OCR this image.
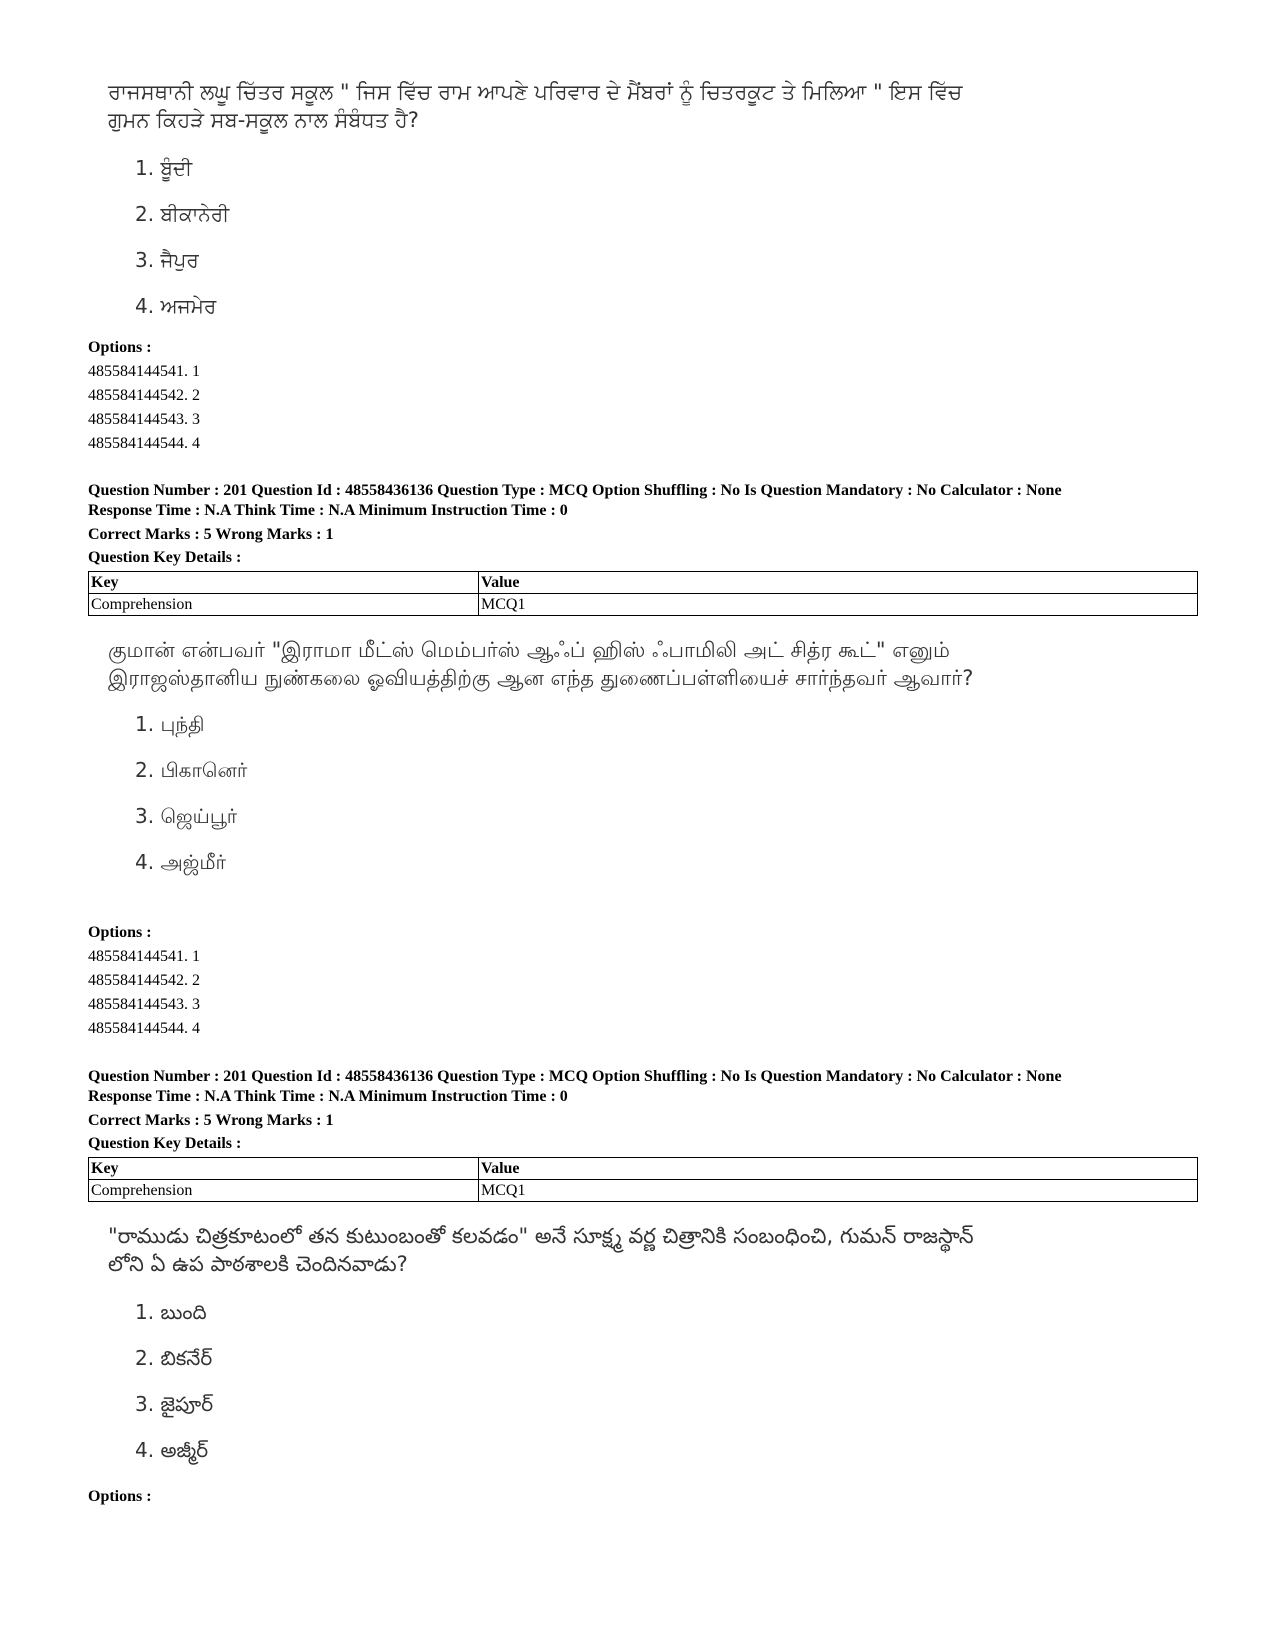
ਰਾਜਸਥਾਨੀ ਲਘੂ ਚਿੱਤਰ ਸਕੂਲ " ਜਿਸ ਵਿੱਚ ਰਾਮ ਆਪਣੇ ਪਰਿਵਾਰ ਦੇ ਮੈਂਬਰਾਂ ਨੂੰ ਚਿਤਰਕੂਟ ਤੇ ਮਿਲਿਆ " ਇਸ ਵਿੱਚ ਗੁਮਨ ਕਿਹੜੇ ਸਬ-ਸਕੂਲ ਨਾਲ ਸੰਬੰਧਤ ਹੈ?
1. ਬੂੰਦੀ
2. ਬੀਕਾਨੇਰੀ
3. ਜੈਪੁਰ
4. ਅਜਮੇਰ
Options :
485584144541. 1
485584144542. 2
485584144543. 3
485584144544. 4
Question Number : 201 Question Id : 48558436136 Question Type : MCQ Option Shuffling : No Is Question Mandatory : No Calculator : None
Response Time : N.A Think Time : N.A Minimum Instruction Time : 0
Correct Marks : 5 Wrong Marks : 1
Question Key Details :
Key	Value
Comprehension	MCQ1
குமான் என்பவர் "இராமா மீட்ஸ் மெம்பர்ஸ் ஆஃப் ஹிஸ் ஃபாமிலி அட் சித்ர கூட்" எனும் இராஜஸ்தானிய நுண்கலை ஓவியத்திற்கு ஆன எந்த துணைப்பள்ளியைச் சார்ந்தவர் ஆவார்?
1. புந்தி
2. பிகானெர்
3. ஜெய்பூர்
4. அஜ்மீர்
Options :
485584144541. 1
485584144542. 2
485584144543. 3
485584144544. 4
Question Number : 201 Question Id : 48558436136 Question Type : MCQ Option Shuffling : No Is Question Mandatory : No Calculator : None
Response Time : N.A Think Time : N.A Minimum Instruction Time : 0
Correct Marks : 5 Wrong Marks : 1
Question Key Details :
Key	Value
Comprehension	MCQ1
"రాముడు చిత్రకూటంలో తన కుటుంబంతో కలవడం" అనే సూక్ష్మ వర్ణ చిత్రానికి సంబంధించి, గుమన్ రాజస్థాన్ లోని ఏ ఉప పాఠశాలకి చెందినవాడు?
1. బుంది
2. బికనేర్
3. జైపూర్
4. అజ్మీర్
Options :
